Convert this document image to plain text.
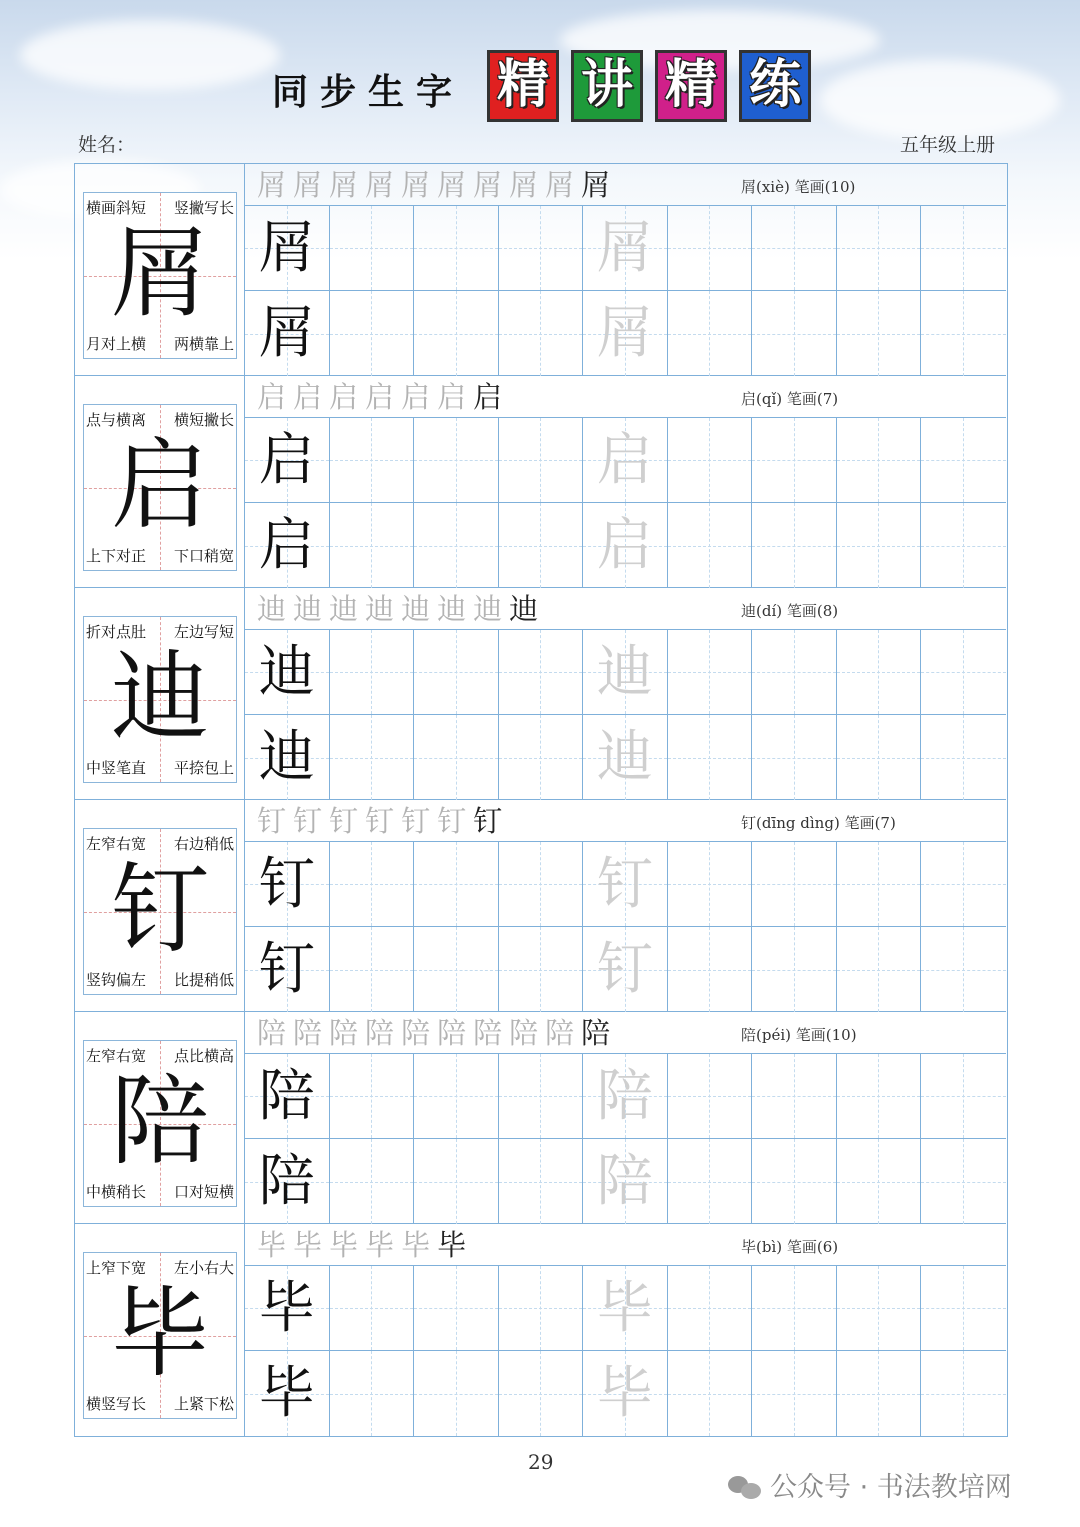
同步生字 精 讲 精 练
姓名：	五年级上册
屑
横画斜短 竖撇写长
月对上横 两横靠上
屑屑屑屑屑屑屑屑屑屑	屑(xiè) 笔画(10)
屑	屑
屑	屑
启
点与横离 横短撇长
上下对正 下口稍宽
启启启启启启启	启(qǐ) 笔画(7)
启	启
启	启
迪
折对点肚 左边写短
中竖笔直 平捺包上
迪迪迪迪迪迪迪迪	迪(dí) 笔画(8)
迪	迪
迪	迪
钉
左窄右宽 右边稍低
竖钩偏左 比提稍低
钉钉钉钉钉钉钉	钉(dīng dìng) 笔画(7)
钉	钉
钉	钉
陪
左窄右宽 点比横高
中横稍长 口对短横
陪陪陪陪陪陪陪陪陪陪	陪(péi) 笔画(10)
陪	陪
陪	陪
毕
上窄下宽 左小右大
横竖写长 上紧下松
毕毕毕毕毕毕	毕(bì) 笔画(6)
毕	毕
毕	毕
29
公众号 · 书法教培网
